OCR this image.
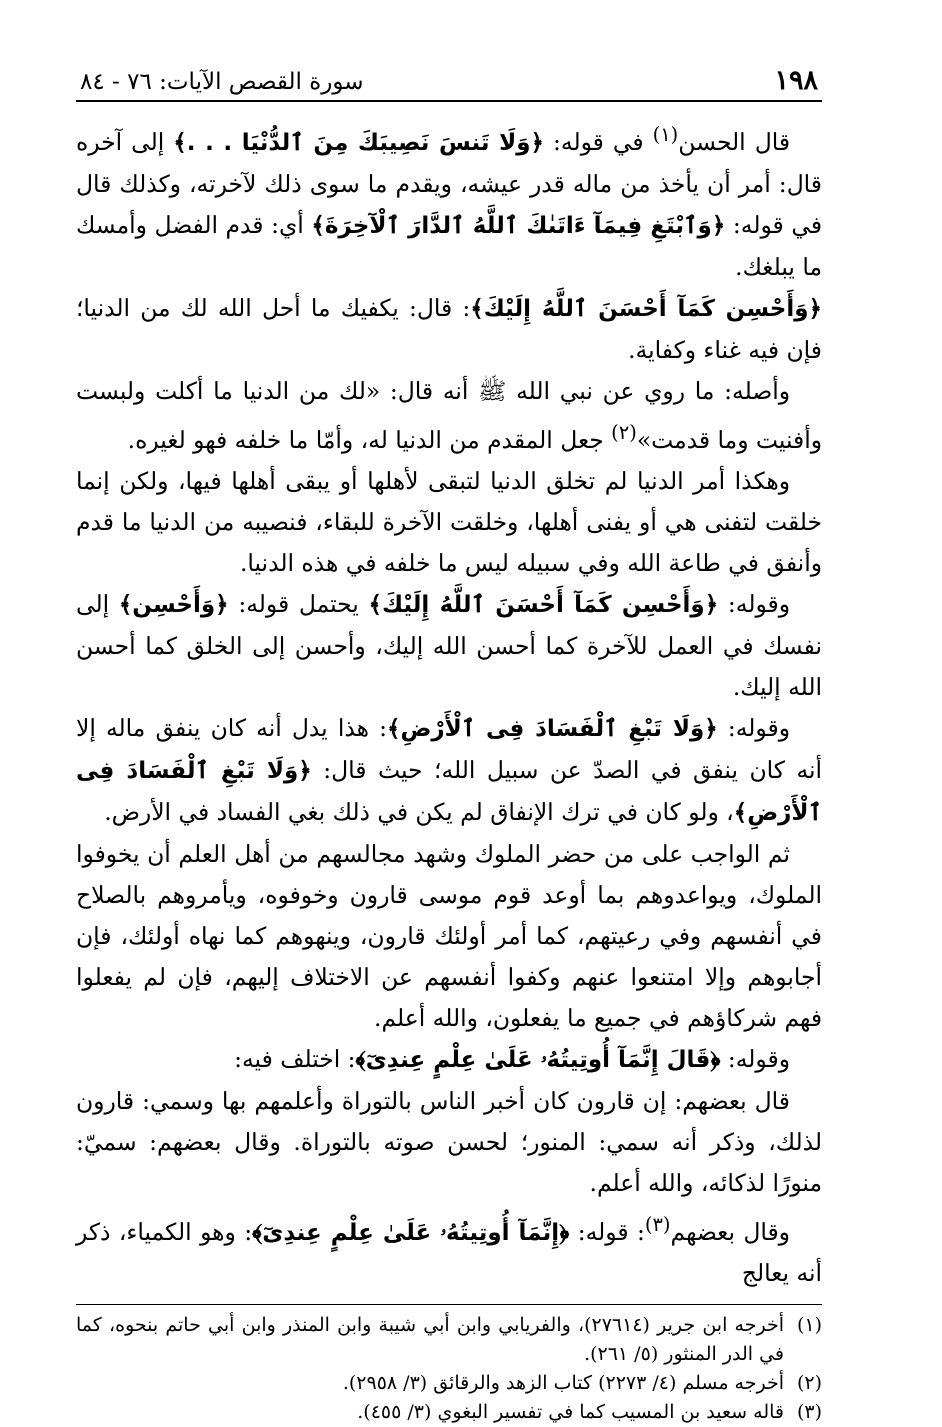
١٩٨
سورة القصص الآيات: ٧٦ - ٨٤

قال الحسن$^{(١)}$ في قوله: ﴿وَلَا تَنسَ نَصِيبَكَ مِنَ ٱلدُّنْيَا . . .﴾ إلى آخره قال: أمر أن يأخذ من ماله قدر عيشه، ويقدم ما سوى ذلك لآخرته، وكذلك قال في قوله: ﴿وَٱبْتَغِ فِيمَآ ءَاتَىٰكَ ٱللَّهُ ٱلدَّارَ ٱلْآخِرَةَ﴾ أي: قدم الفضل وأمسك ما يبلغك.

﴿وَأَحْسِن كَمَآ أَحْسَنَ ٱللَّهُ إِلَيْكَ﴾: قال: يكفيك ما أحل الله لك من الدنيا؛ فإن فيه غناء وكفاية.

وأصله: ما روي عن نبي الله ﷺ أنه قال: «لك من الدنيا ما أكلت ولبست وأفنيت وما قدمت»$^{(٢)}$ جعل المقدم من الدنيا له، وأمّا ما خلفه فهو لغيره.

وهكذا أمر الدنيا لم تخلق الدنيا لتبقى لأهلها أو يبقى أهلها فيها، ولكن إنما خلقت لتفنى هي أو يفنى أهلها، وخلقت الآخرة للبقاء، فنصيبه من الدنيا ما قدم وأنفق في طاعة الله وفي سبيله ليس ما خلفه في هذه الدنيا.

وقوله: ﴿وَأَحْسِن كَمَآ أَحْسَنَ ٱللَّهُ إِلَيْكَ﴾ يحتمل قوله: ﴿وَأَحْسِن﴾ إلى نفسك في العمل للآخرة كما أحسن الله إليك، وأحسن إلى الخلق كما أحسن الله إليك.

وقوله: ﴿وَلَا تَبْغِ ٱلْفَسَادَ فِى ٱلْأَرْضِ﴾: هذا يدل أنه كان ينفق ماله إلا أنه كان ينفق في الصدّ عن سبيل الله؛ حيث قال: ﴿وَلَا تَبْغِ ٱلْفَسَادَ فِى ٱلْأَرْضِ﴾، ولو كان في ترك الإنفاق لم يكن في ذلك بغي الفساد في الأرض.

ثم الواجب على من حضر الملوك وشهد مجالسهم من أهل العلم أن يخوفوا الملوك، ويواعدوهم بما أوعد قوم موسى قارون وخوفوه، ويأمروهم بالصلاح في أنفسهم وفي رعيتهم، كما أمر أولئك قارون، وينهوهم كما نهاه أولئك، فإن أجابوهم وإلا امتنعوا عنهم وكفوا أنفسهم عن الاختلاف إليهم، فإن لم يفعلوا فهم شركاؤهم في جميع ما يفعلون، والله أعلم.

وقوله: ﴿قَالَ إِنَّمَآ أُوتِيتُهُۥ عَلَىٰ عِلْمٍ عِندِىٓ﴾: اختلف فيه:

قال بعضهم: إن قارون كان أخبر الناس بالتوراة وأعلمهم بها وسمي: قارون لذلك، وذكر أنه سمي: المنور؛ لحسن صوته بالتوراة. وقال بعضهم: سميّ: منورًا لذكائه، والله أعلم.

وقال بعضهم$^{(٣)}$: قوله: ﴿إِنَّمَآ أُوتِيتُهُۥ عَلَىٰ عِلْمٍ عِندِىٓ﴾: وهو الكمياء، ذكر أنه يعالج

(١)
أخرجه ابن جرير (٢٧٦١٤)، والفريابي وابن أبي شيبة وابن المنذر وابن أبي حاتم بنحوه، كما في الدر المنثور (٥/ ٢٦١).
(٢)
أخرجه مسلم (٤/ ٢٢٧٣) كتاب الزهد والرقائق (٣/ ٢٩٥٨).
(٣)
قاله سعيد بن المسيب كما في تفسير البغوي (٣/ ٤٥٥).
